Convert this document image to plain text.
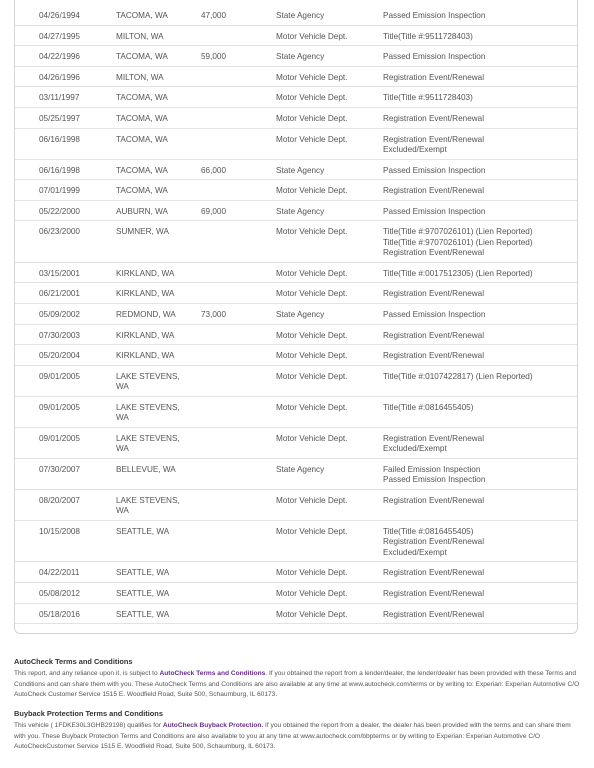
04/26/1994	TACOMA, WA	47,000	State Agency	Passed Emission Inspection
04/27/1995	MILTON, WA	Motor Vehicle Dept.	Title(Title #:9511728403)
04/22/1996	TACOMA, WA	59,000	State Agency	Passed Emission Inspection
04/26/1996	MILTON, WA	Motor Vehicle Dept.	Registration Event/Renewal
03/11/1997	TACOMA, WA	Motor Vehicle Dept.	Title(Title #:9511728403)
05/25/1997	TACOMA, WA	Motor Vehicle Dept.	Registration Event/Renewal
06/16/1998	TACOMA, WA	Motor Vehicle Dept.	Registration Event/Renewal
Excluded/Exempt
06/16/1998	TACOMA, WA	66,000	State Agency	Passed Emission Inspection
07/01/1999	TACOMA, WA	Motor Vehicle Dept.	Registration Event/Renewal
05/22/2000	AUBURN, WA	69,000	State Agency	Passed Emission Inspection
06/23/2000	SUMNER, WA	Motor Vehicle Dept.	Title(Title #:9707026101) (Lien Reported)
Title(Title #:9707026101) (Lien Reported)
Registration Event/Renewal
03/15/2001	KIRKLAND, WA	Motor Vehicle Dept.	Title(Title #:0017512305) (Lien Reported)
06/21/2001	KIRKLAND, WA	Motor Vehicle Dept.	Registration Event/Renewal
05/09/2002	REDMOND, WA	73,000	State Agency	Passed Emission Inspection
07/30/2003	KIRKLAND, WA	Motor Vehicle Dept.	Registration Event/Renewal
05/20/2004	KIRKLAND, WA	Motor Vehicle Dept.	Registration Event/Renewal
09/01/2005	LAKE STEVENS,
WA
Motor Vehicle Dept.	Title(Title #:0107422817) (Lien Reported)
09/01/2005	LAKE STEVENS,
WA
Motor Vehicle Dept.	Title(Title #:0816455405)
09/01/2005	LAKE STEVENS,
WA
Motor Vehicle Dept.	Registration Event/Renewal
Excluded/Exempt
07/30/2007	BELLEVUE, WA	State Agency	Failed Emission Inspection
Passed Emission Inspection
08/20/2007	LAKE STEVENS,
WA
Motor Vehicle Dept.	Registration Event/Renewal
10/15/2008	SEATTLE, WA	Motor Vehicle Dept.	Title(Title #:0816455405)
Registration Event/Renewal
Excluded/Exempt
04/22/2011	SEATTLE, WA	Motor Vehicle Dept.	Registration Event/Renewal
05/08/2012	SEATTLE, WA	Motor Vehicle Dept.	Registration Event/Renewal
05/18/2016	SEATTLE, WA	Motor Vehicle Dept.	Registration Event/Renewal
AutoCheck Terms and Conditions

This report, and any reliance upon it, is subject to AutoCheck Terms and Conditions. If you obtained the report from a lender/dealer, the lender/dealer has been provided with these Terms and Conditions and can share them with you. These AutoCheck Terms and Conditions are also available at any time at www.autocheck.com/terms or by writing to: Experian: Experian Automotive C/O AutoCheck Customer Service 1515 E. Woodfield Road, Suite 500, Schaumburg, IL 60173.

Buyback Protection Terms and Conditions

This vehicle ( 1FDKE30L3GHB29198) qualifies for AutoCheck Buyback Protection. If you obtained the report from a dealer, the dealer has been provided with the terms and can share them with you. These Buyback Protection Terms and Conditions are also available to you at any time at www.autocheck.com/bbpterms or by writing to Experian: Experian Automotive C/O AutoCheckCustomer Service 1515 E. Woodfield Road, Suite 500, Schaumburg, IL 60173.
